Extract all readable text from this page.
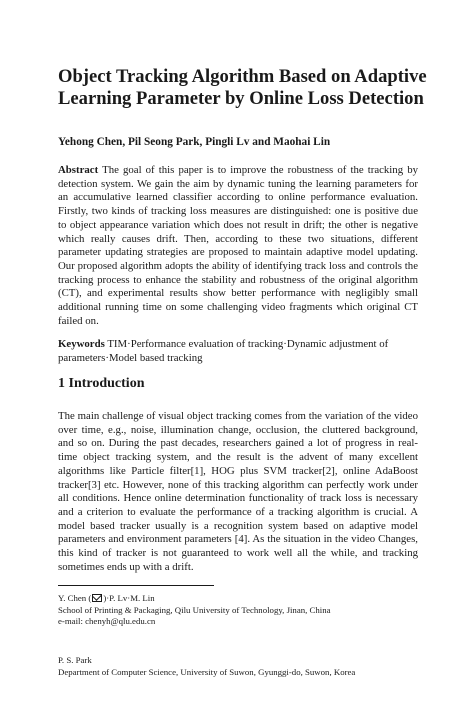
Object Tracking Algorithm Based on Adaptive Learning Parameter by Online Loss Detection

Yehong Chen, Pil Seong Park, Pingli Lv and Maohai Lin

Abstract The goal of this paper is to improve the robustness of the tracking by detection system. We gain the aim by dynamic tuning the learning parameters for an accumulative learned classifier according to online performance evaluation. Firstly, two kinds of tracking loss measures are distinguished: one is positive due to object appearance variation which does not result in drift; the other is negative which really causes drift. Then, according to these two situations, different parameter updating strategies are proposed to maintain adaptive model updating. Our proposed algorithm adopts the ability of identifying track loss and controls the tracking process to enhance the stability and robustness of the original algorithm (CT), and experimental results show better performance with negligibly small additional running time on some challenging video fragments which original CT failed on.

Keywords TIM·Performance evaluation of tracking·Dynamic adjustment of parameters·Model based tracking

1 Introduction

The main challenge of visual object tracking comes from the variation of the video over time, e.g., noise, illumination change, occlusion, the cluttered background, and so on. During the past decades, researchers gained a lot of progress in real-time object tracking system, and the result is the advent of many excellent algorithms like Particle filter[1], HOG plus SVM tracker[2], online AdaBoost tracker[3] etc. However, none of this tracking algorithm can perfectly work under all conditions. Hence online determination functionality of track loss is necessary and a criterion to evaluate the performance of a tracking algorithm is crucial. A model based tracker usually is a recognition system based on adaptive model parameters and environment parameters [4]. As the situation in the video Changes, this kind of tracker is not guaranteed to work well all the while, and tracking sometimes ends up with a drift.

Y. Chen ( )·P. Lv·M. Lin
School of Printing & Packaging, Qilu University of Technology, Jinan, China
e-mail: chenyh@qlu.edu.cn
P. S. Park
Department of Computer Science, University of Suwon, Gyunggi-do, Suwon, Korea
